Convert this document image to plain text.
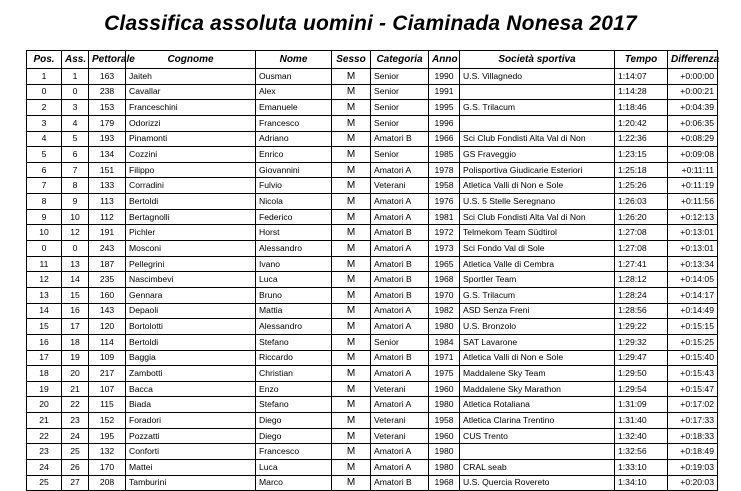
Classifica assoluta uomini - Ciaminada Nonesa 2017
Pos.	Ass.	Pettorale	Cognome	Nome	Sesso	Categoria	Anno	Società sportiva	Tempo	Differenza
1	1	163	Jaiteh	Ousman	M	Senior	1990	U.S. Villagnedo	1:14:07	+0:00:00
0	0	238	Cavallar	Alex	M	Senior	1991		1:14:28	+0:00:21
2	3	153	Franceschini	Emanuele	M	Senior	1995	G.S. Trilacum	1:18:46	+0:04:39
3	4	179	Odorizzi	Francesco	M	Senior	1996		1:20:42	+0:06:35
4	5	193	Pinamonti	Adriano	M	Amatori B	1966	Sci Club Fondisti Alta Val di Non	1:22:36	+0:08:29
5	6	134	Cozzini	Enrico	M	Senior	1985	GS Fraveggio	1:23:15	+0:09:08
6	7	151	Filippo	Giovannini	M	Amatori A	1978	Polisportiva Giudicarie Esteriori	1:25:18	+0:11:11
7	8	133	Corradini	Fulvio	M	Veterani	1958	Atletica Valli di Non e Sole	1:25:26	+0:11:19
8	9	113	Bertoldi	Nicola	M	Amatori A	1976	U.S. 5 Stelle Seregnano	1:26:03	+0:11:56
9	10	112	Bertagnolli	Federico	M	Amatori A	1981	Sci Club Fondisti Alta Val di Non	1:26:20	+0:12:13
10	12	191	Pichler	Horst	M	Amatori B	1972	Telmekom Team Südtirol	1:27:08	+0:13:01
0	0	243	Mosconi	Alessandro	M	Amatori A	1973	Sci Fondo Val di Sole	1:27:08	+0:13:01
11	13	187	Pellegrini	Ivano	M	Amatori B	1965	Atletica Valle di Cembra	1:27:41	+0:13:34
12	14	235	Nascimbevi	Luca	M	Amatori B	1968	Sportler Team	1:28:12	+0:14:05
13	15	160	Gennara	Bruno	M	Amatori B	1970	G.S. Trilacum	1:28:24	+0:14:17
14	16	143	Depaoli	Mattia	M	Amatori A	1982	ASD Senza Freni	1:28:56	+0:14:49
15	17	120	Bortolotti	Alessandro	M	Amatori A	1980	U.S. Bronzolo	1:29:22	+0:15:15
16	18	114	Bertoldi	Stefano	M	Senior	1984	SAT Lavarone	1:29:32	+0:15:25
17	19	109	Baggia	Riccardo	M	Amatori B	1971	Atletica Valli di Non e Sole	1:29:47	+0:15:40
18	20	217	Zambotti	Christian	M	Amatori A	1975	Maddalene Sky Team	1:29:50	+0:15:43
19	21	107	Bacca	Enzo	M	Veterani	1960	Maddalene Sky Marathon	1:29:54	+0:15:47
20	22	115	Biada	Stefano	M	Amatori A	1980	Atletica Rotaliana	1:31:09	+0:17:02
21	23	152	Foradori	Diego	M	Veterani	1958	Atletica Clarina Trentino	1:31:40	+0:17:33
22	24	195	Pozzatti	Diego	M	Veterani	1960	CUS Trento	1:32:40	+0:18:33
23	25	132	Conforti	Francesco	M	Amatori A	1980		1:32:56	+0:18:49
24	26	170	Mattei	Luca	M	Amatori A	1980	CRAL seab	1:33:10	+0:19:03
25	27	208	Tamburini	Marco	M	Amatori B	1968	U.S. Quercia Rovereto	1:34:10	+0:20:03
